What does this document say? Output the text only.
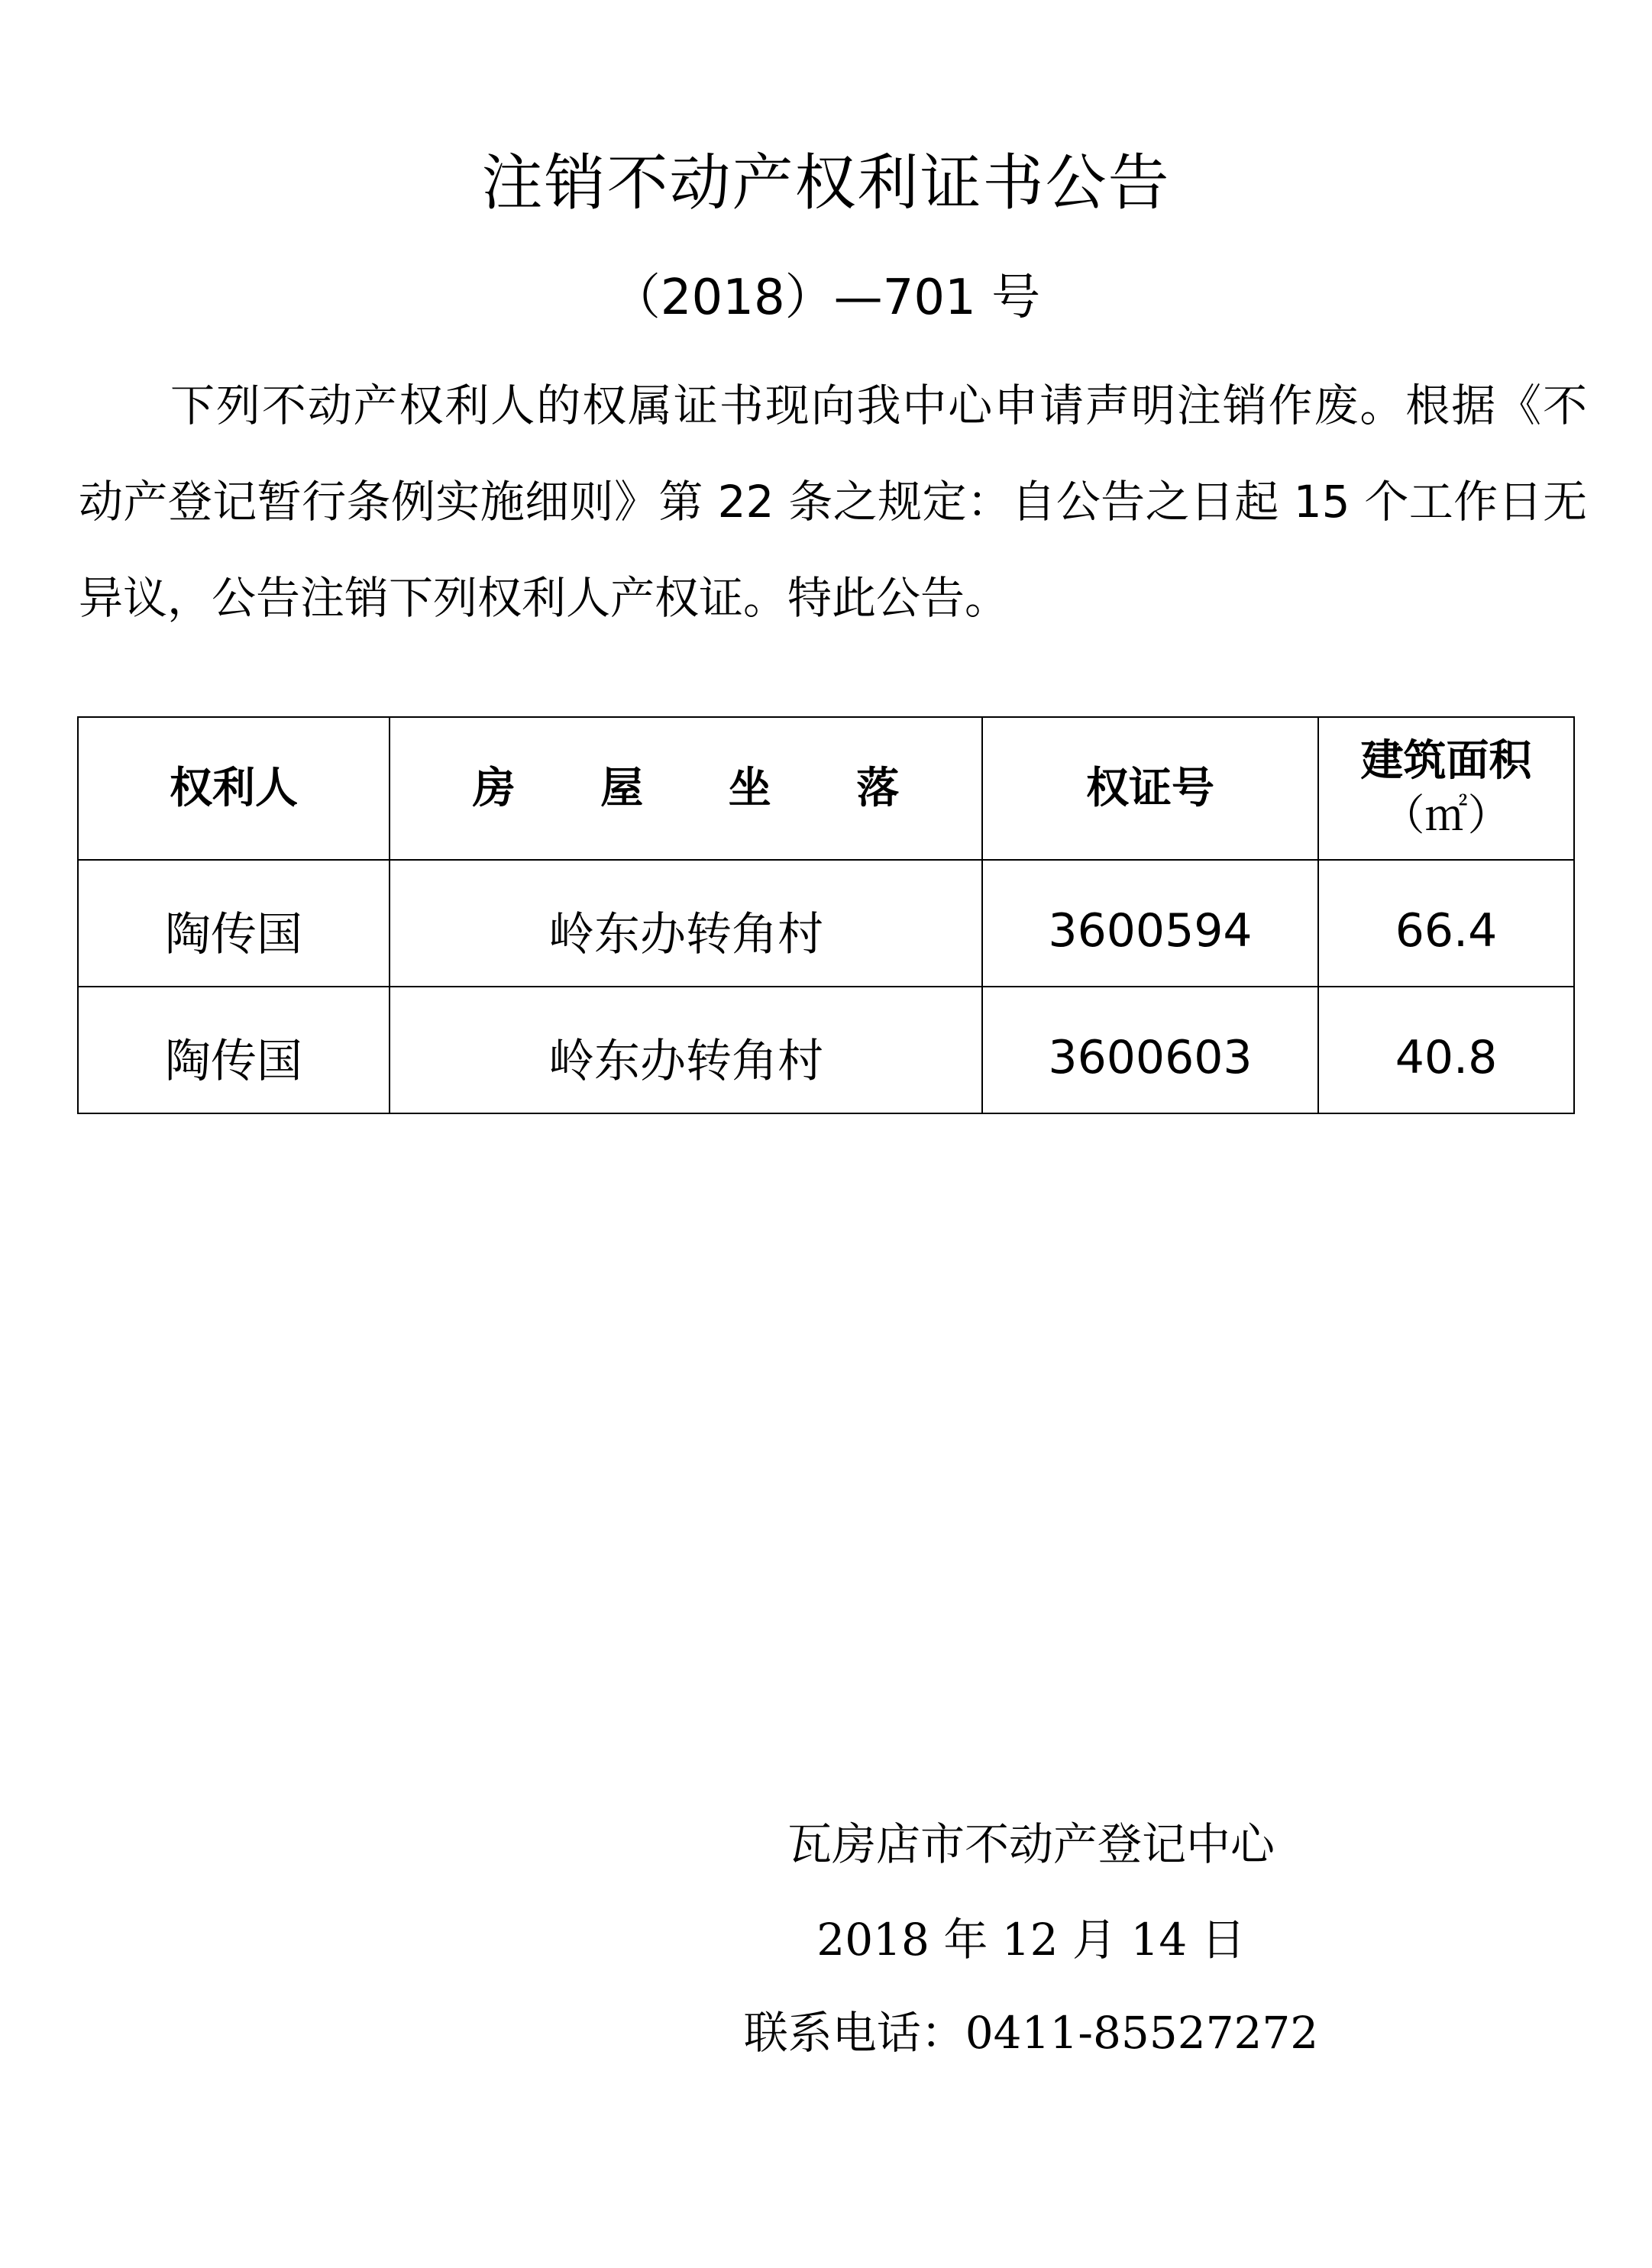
注销不动产权利证书公告
（2018）—701 号
下列不动产权利人的权属证书现向我中心申请声明注销作废。根据《不动产登记暂行条例实施细则》第 22 条之规定：自公告之日起 15 个工作日无异议，公告注销下列权利人产权证。特此公告。
权利人	房 屋 坐 落	权证号	建筑面积
（㎡）

陶传国	岭东办转角村	3600594	66.4
陶传国	岭东办转角村	3600603	40.8
瓦房店市不动产登记中心
2018 年 12 月 14 日
联系电话：0411-85527272
